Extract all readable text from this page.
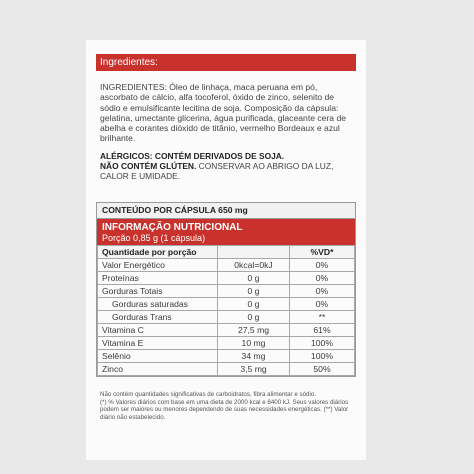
Ingredientes:
INGREDIENTES: Óleo de linhaça, maca peruana em pó, ascorbato de cálcio, alfa tocoferol, óxido de zinco, selenito de sódio e emulsificante lecitina de soja. Composição da cápsula: gelatina, umectante glicerina, água purificada, glaceante cera de abelha e corantes dióxido de titânio, vermelho Bordeaux e azul brilhante.
ALÉRGICOS: CONTÉM DERIVADOS DE SOJA.
NÃO CONTÉM GLÚTEN. CONSERVAR AO ABRIGO DA LUZ, CALOR E UMIDADE.
CONTEÚDO POR CÁPSULA 650 mg
INFORMAÇÃO NUTRICIONAL
Porção 0,85 g (1 cápsula)
Quantidade por porção		%VD*
Valor Energético	0kcal=0kJ	0%
Proteínas	0 g	0%
Gorduras Totais	0 g	0%
Gorduras saturadas	0 g	0%
Gorduras Trans	0 g	**
Vitamina C	27,5 mg	61%
Vitamina E	10 mg	100%
Selênio	34 mg	100%
Zinco	3,5 mg	50%
Não contém quantidades significativas de carboidratos, fibra alimentar e sódio.
(*) % Valores diários com base em uma dieta de 2000 kcal e 8400 kJ. Seus valores diários podem ser maiores ou menores dependendo de suas necessidades energéticas. (**) Valor diário não estabelecido.
